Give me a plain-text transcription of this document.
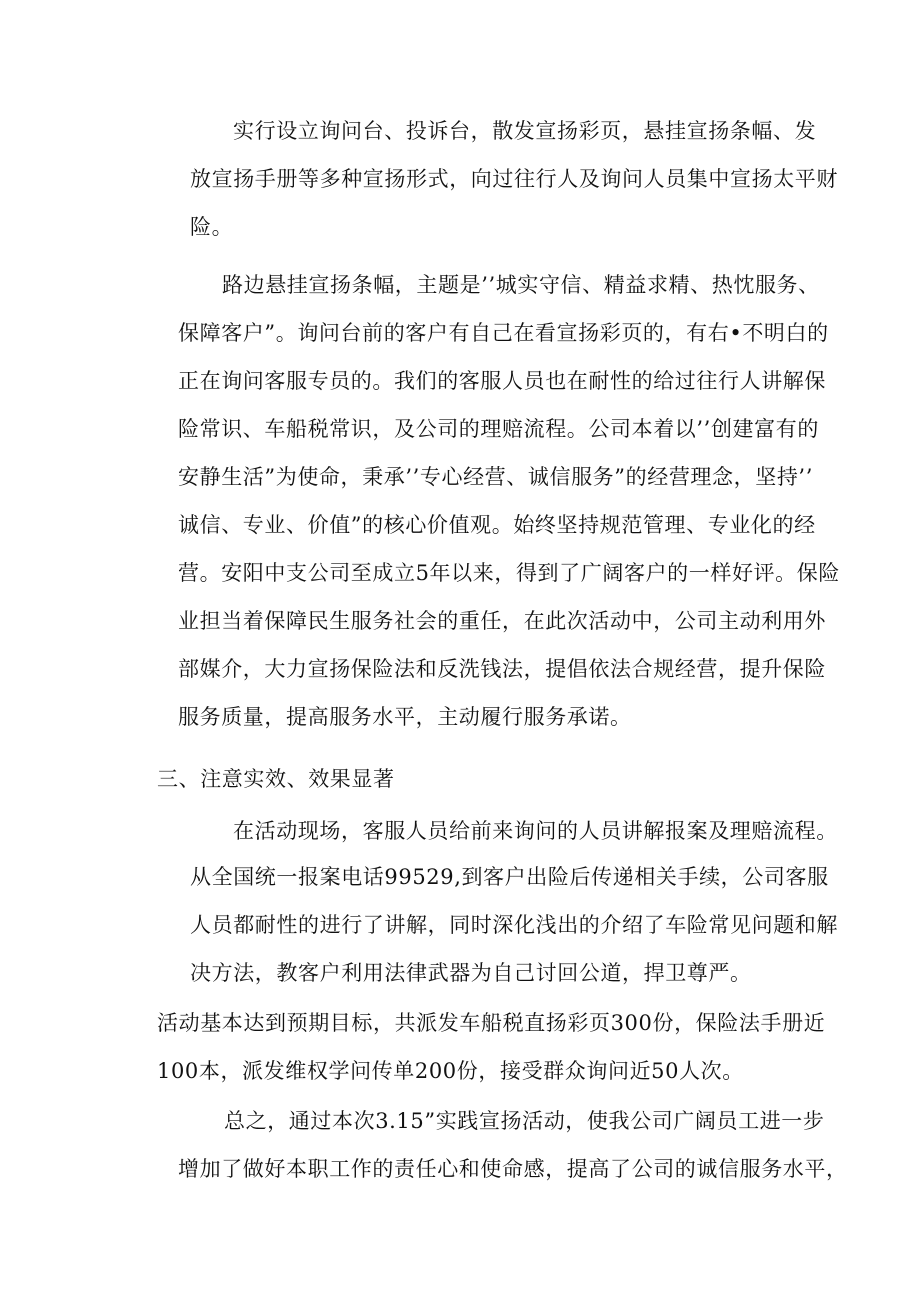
实行设立询问台、投诉台，散发宣扬彩页，悬挂宣扬条幅、发
放宣扬手册等多种宣扬形式，向过往行人及询问人员集中宣扬太平财
险。
路边悬挂宣扬条幅，主题是’’城实守信、精益求精、热忱服务、
保障客户”。询问台前的客户有自己在看宣扬彩页的，有右•不明白的
正在询问客服专员的。我们的客服人员也在耐性的给过往行人讲解保
险常识、车船税常识，及公司的理赔流程。公司本着以’’创建富有的
安静生活”为使命，秉承’’专心经营、诚信服务”的经营理念，坚持’’
诚信、专业、价值”的核心价值观。始终坚持规范管理、专业化的经
营。安阳中支公司至成立5年以来，得到了广阔客户的一样好评。保险
业担当着保障民生服务社会的重任，在此次活动中，公司主动利用外
部媒介，大力宣扬保险法和反洗钱法，提倡依法合规经营，提升保险
服务质量，提高服务水平，主动履行服务承诺。
三、注意实效、效果显著
在活动现场，客服人员给前来询问的人员讲解报案及理赔流程。
从全国统一报案电话99529,到客户出险后传递相关手续，公司客服
人员都耐性的进行了讲解，同时深化浅出的介绍了车险常见问题和解
决方法，教客户利用法律武器为自己讨回公道，捍卫尊严。
活动基本达到预期目标，共派发车船税直扬彩页300份，保险法手册近
100本，派发维权学问传单200份，接受群众询问近50人次。
总之，通过本次3.15”实践宣扬活动，使我公司广阔员工进一步
增加了做好本职工作的责任心和使命感，提高了公司的诚信服务水平，
